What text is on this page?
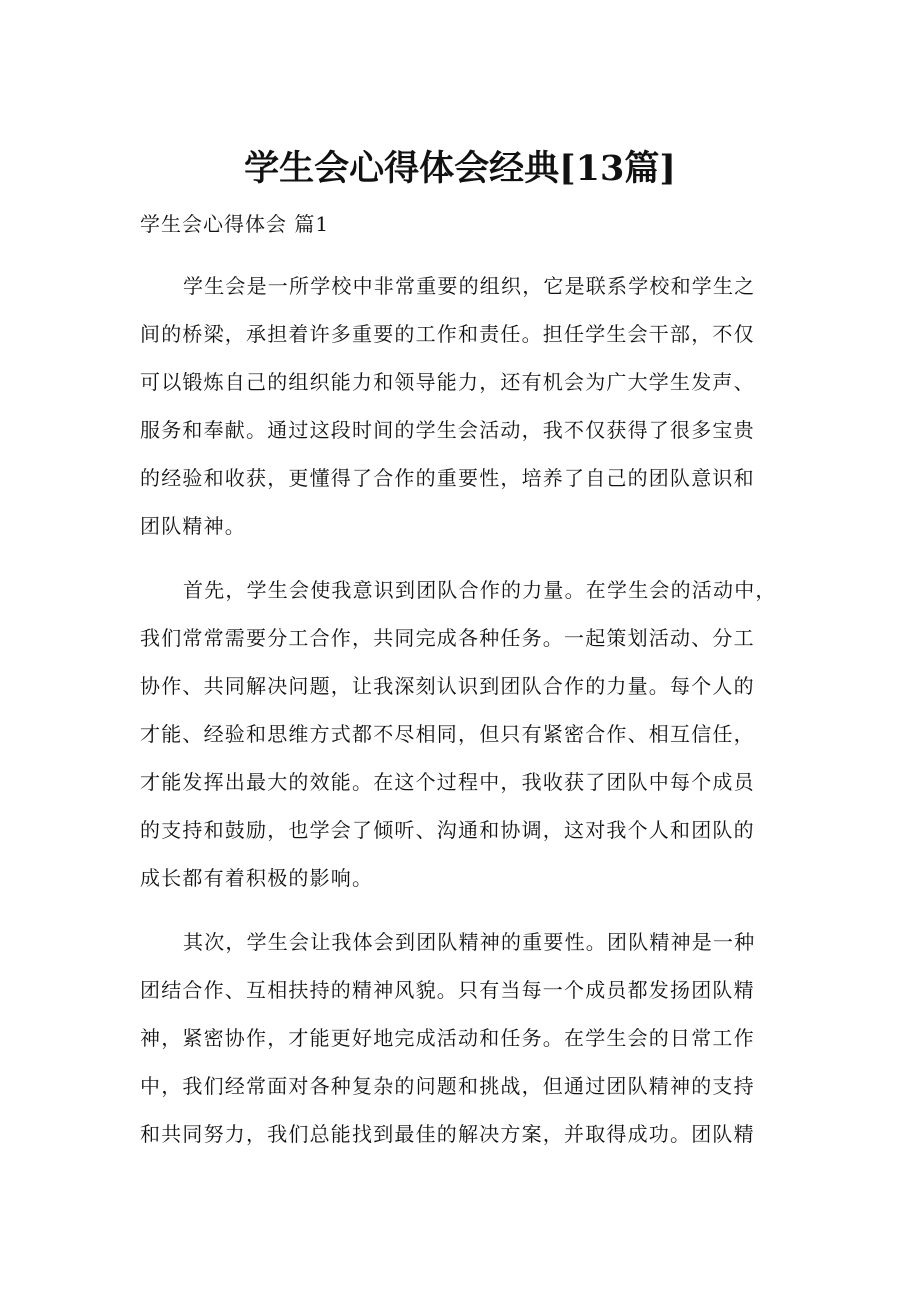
学生会心得体会经典[13篇]
学生会心得体会 篇1
学生会是一所学校中非常重要的组织，它是联系学校和学生之
间的桥梁，承担着许多重要的工作和责任。担任学生会干部，不仅
可以锻炼自己的组织能力和领导能力，还有机会为广大学生发声、
服务和奉献。通过这段时间的学生会活动，我不仅获得了很多宝贵
的经验和收获，更懂得了合作的重要性，培养了自己的团队意识和
团队精神。
首先，学生会使我意识到团队合作的力量。在学生会的活动中，
我们常常需要分工合作，共同完成各种任务。一起策划活动、分工
协作、共同解决问题，让我深刻认识到团队合作的力量。每个人的
才能、经验和思维方式都不尽相同，但只有紧密合作、相互信任，
才能发挥出最大的效能。在这个过程中，我收获了团队中每个成员
的支持和鼓励，也学会了倾听、沟通和协调，这对我个人和团队的
成长都有着积极的影响。
其次，学生会让我体会到团队精神的重要性。团队精神是一种
团结合作、互相扶持的精神风貌。只有当每一个成员都发扬团队精
神，紧密协作，才能更好地完成活动和任务。在学生会的日常工作
中，我们经常面对各种复杂的问题和挑战，但通过团队精神的支持
和共同努力，我们总能找到最佳的解决方案，并取得成功。团队精
